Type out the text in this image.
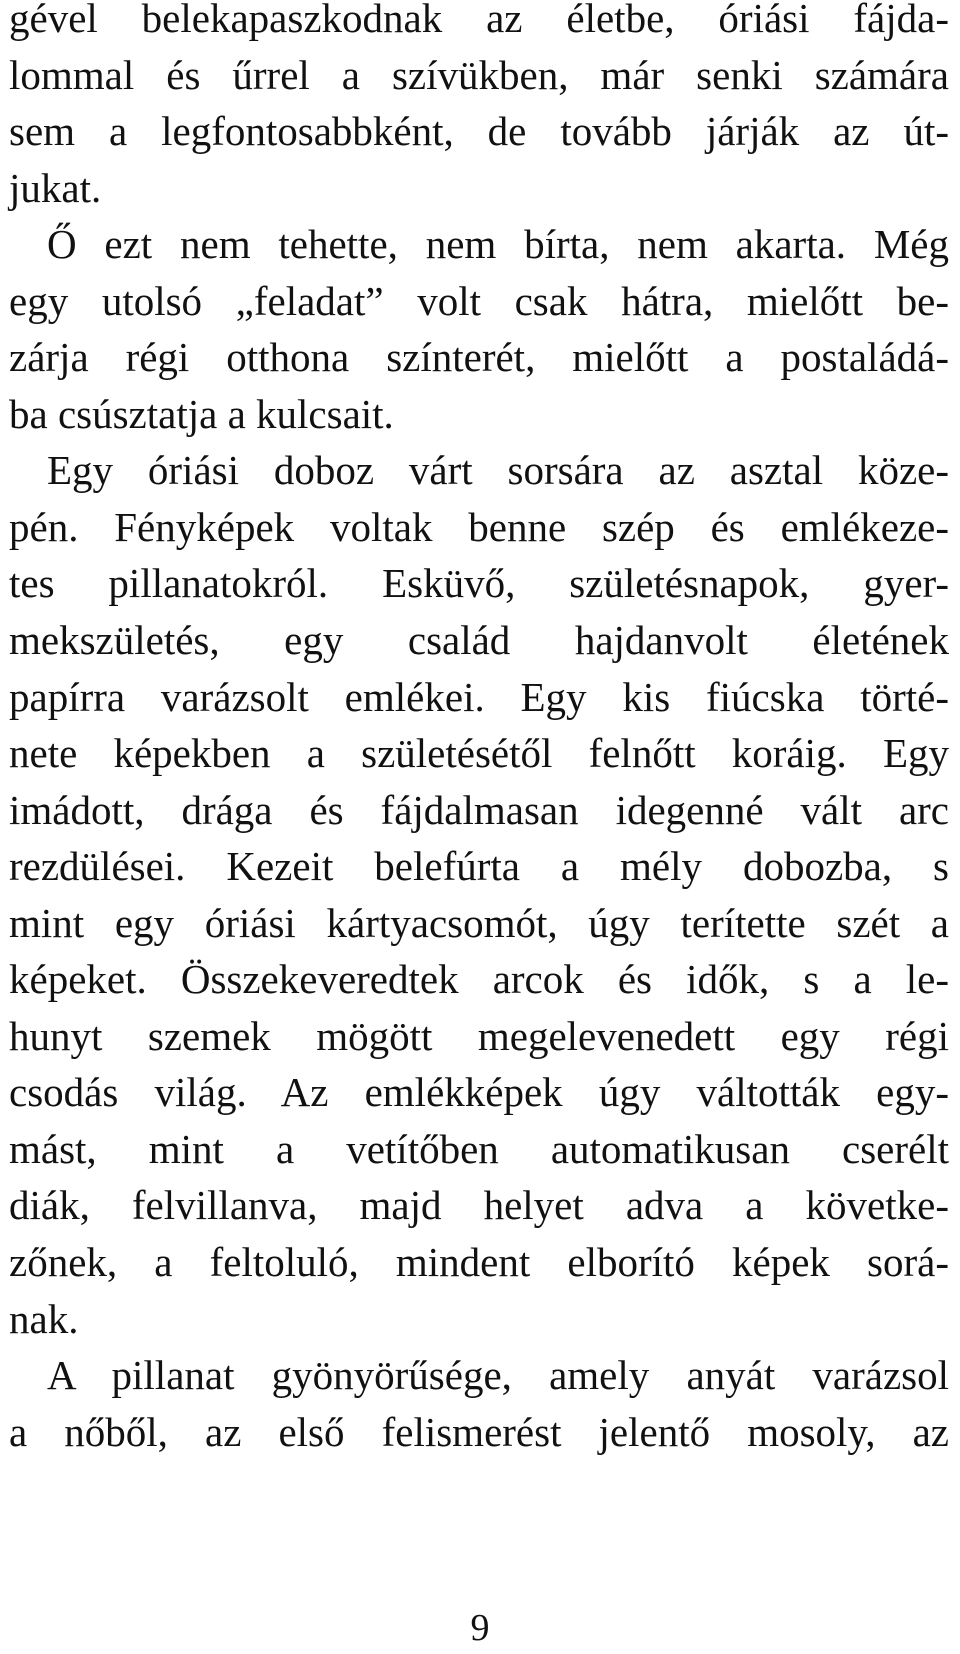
gével belekapaszkodnak az életbe, óriási fájda-
lommal és űrrel a szívükben, már senki számára
sem a legfontosabbként, de tovább járják az út-
jukat.
Ő ezt nem tehette, nem bírta, nem akarta. Még
egy utolsó „feladat” volt csak hátra, mielőtt be-
zárja régi otthona színterét, mielőtt a postaládá-
ba csúsztatja a kulcsait.
Egy óriási doboz várt sorsára az asztal köze-
pén. Fényképek voltak benne szép és emlékeze-
tes pillanatokról. Esküvő, születésnapok, gyer-
mekszületés, egy család hajdanvolt életének
papírra varázsolt emlékei. Egy kis fiúcska törté-
nete képekben a születésétől felnőtt koráig. Egy
imádott, drága és fájdalmasan idegenné vált arc
rezdülései. Kezeit belefúrta a mély dobozba, s
mint egy óriási kártyacsomót, úgy terítette szét a
képeket. Összekeveredtek arcok és idők, s a le-
hunyt szemek mögött megelevenedett egy régi
csodás világ. Az emlékképek úgy váltották egy-
mást, mint a vetítőben automatikusan cserélt
diák, felvillanva, majd helyet adva a követke-
zőnek, a feltoluló, mindent elborító képek sorá-
nak.
A pillanat gyönyörűsége, amely anyát varázsol
a nőből, az első felismerést jelentő mosoly, az
9
